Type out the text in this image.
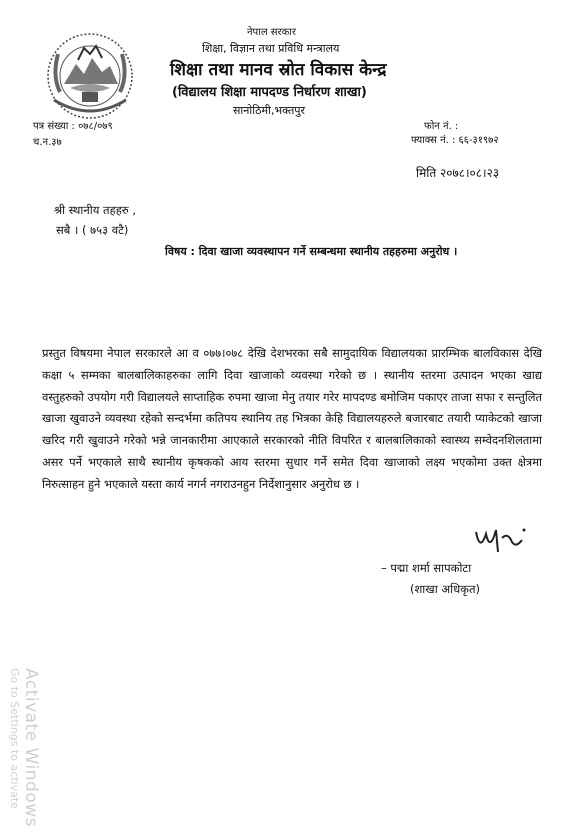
नेपाल सरकार
शिक्षा, विज्ञान तथा प्रविधि मन्त्रालय
शिक्षा तथा मानव स्रोत विकास केन्द्र
(विद्यालय शिक्षा मापदण्ड निर्धारण शाखा)
सानोठिमी,भक्तपुर
पत्र संख्या : ०७८/०७९
च.न.३७
फोन नं. :
फ्याक्स नं. : ६६-३१९७२
मिति २०७८।०८।२३
श्री स्थानीय तहहरु ,
सबै । ( ७५३ वटै)
विषय : दिवा खाजा व्यवस्थापन गर्ने सम्बन्धमा स्थानीय तहहरुमा अनुरोध ।
प्रस्तुत विषयमा नेपाल सरकारले आ व ०७७।०७८ देखि देशभरका सबै सामुदायिक विद्यालयका प्रारम्भिक बालविकास देखि कक्षा ५ सम्मका बालबालिकाहरुका लागि दिवा खाजाको व्यवस्था गरेको छ । स्थानीय स्तरमा उत्पादन भएका खाद्य वस्तुहरुको उपयोग गरी विद्यालयले साप्ताहिक रुपमा खाजा मेनु तयार गरेर मापदण्ड बमोजिम पकाएर ताजा सफा र सन्तुलित खाजा खुवाउने व्यवस्था रहेको सन्दर्भमा कतिपय स्थानिय तह भित्रका केहि विद्यालयहरुले बजारबाट तयारी प्याकेटको खाजा खरिद गरी खुवाउने गरेको भन्ने जानकारीमा आएकाले सरकारको नीति विपरित र बालबालिकाको स्वास्थ्य सम्वेदनशिलतामा असर पर्ने भएकाले साथै स्थानीय कृषकको आय स्तरमा सुधार गर्ने समेत दिवा खाजाको लक्ष्य भएकोमा उक्त क्षेत्रमा निरुत्साहन हुने भएकाले यस्ता कार्य नगर्न नगराउनहुन निर्देशानुसार अनुरोध छ ।
– पद्मा शर्मा सापकोटा
(शाखा अधिकृत)
Activate Windows
Go to Settings to activate
